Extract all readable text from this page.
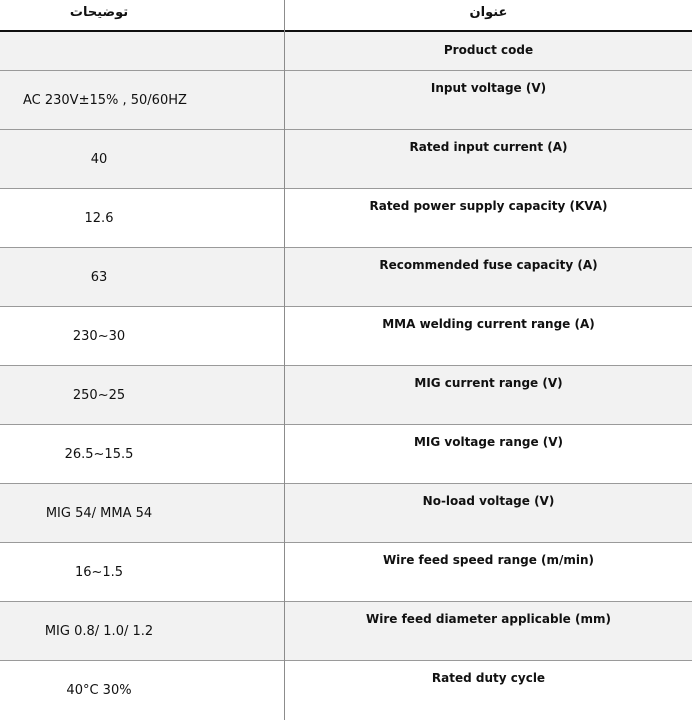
توضیحات	عنوان
Product code
AC 230V±15% , 50/60HZ
Input voltage (V)
40
Rated input current (A)
12.6
Rated power supply capacity (KVA)
63
Recommended fuse capacity (A)
230~30
MMA welding current range (A)
250~25
MIG current range (V)
26.5~15.5
MIG voltage range (V)
MIG 54/ MMA 54
No-load voltage (V)
16~1.5
Wire feed speed range (m/min)
MIG 0.8/ 1.0/ 1.2
Wire feed diameter applicable (mm)
40°C 30%
Rated duty cycle
